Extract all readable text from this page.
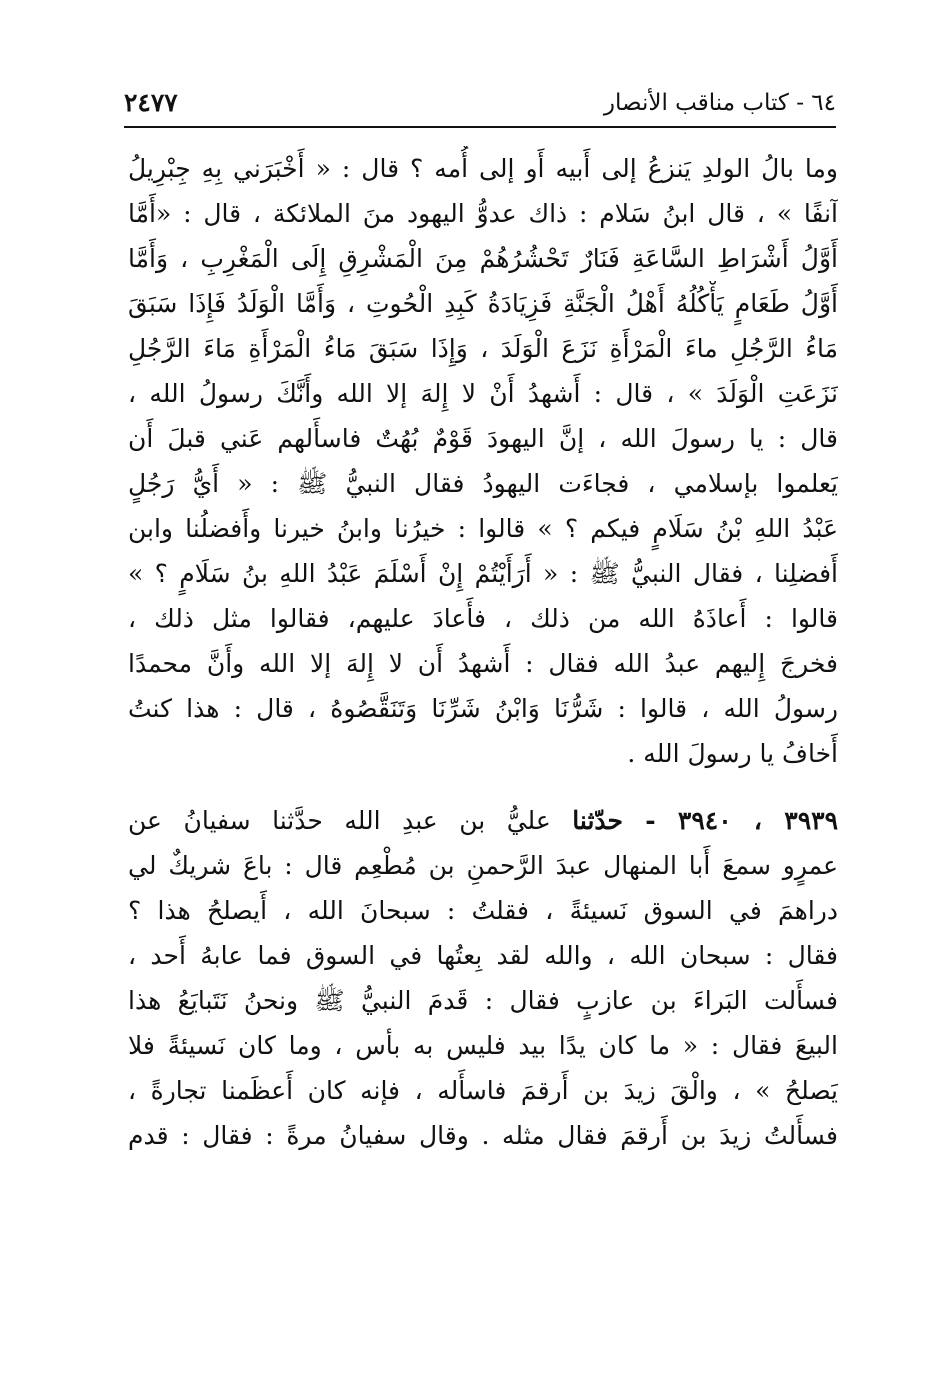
٢٤٧٧	٦٤ - كتاب مناقب الأنصار
وما بالُ الولدِ يَنزعُ إلى أَبيه أَو إلى أُمه ؟ قال : « أَخْبَرَني بِهِ جِبْرِيلُ
آنفًا » ، قال ابنُ سَلام : ذاك عدوُّ اليهود منَ الملائكة ، قال : «أَمَّا
أَوَّلُ أَشْرَاطِ السَّاعَةِ فَنَارٌ تَحْشُرُهُمْ مِنَ الْمَشْرِقِ إِلَى الْمَغْرِبِ ، وَأَمَّا
أَوَّلُ طَعَامٍ يَأْكُلُهُ أَهْلُ الْجَنَّةِ فَزِيَادَةُ كَبِدِ الْحُوتِ ، وَأَمَّا الْوَلَدُ فَإِذَا سَبَقَ
مَاءُ الرَّجُلِ ماءَ الْمَرْأَةِ نَزَعَ الْوَلَدَ ، وَإِذَا سَبَقَ مَاءُ الْمَرْأَةِ مَاءَ الرَّجُلِ
نَزَعَتِ الْوَلَدَ » ، قال : أَشهدُ أَنْ لا إِلهَ إلا الله وأَنَّكَ رسولُ الله ،
قال : يا رسولَ الله ، إنَّ اليهودَ قَوْمٌ بُهُتٌ فاسأَلهم عَني قبلَ أَن
يَعلموا بإسلامي ، فجاءَت اليهودُ فقال النبيُّ ﷺ : « أَيُّ رَجُلٍ
عَبْدُ اللهِ بْنُ سَلَامٍ فيكم ؟ » قالوا : خيرُنا وابنُ خيرنا وأَفضلُنا وابن
أَفضلِنا ، فقال النبيُّ ﷺ : « أَرَأَيْتُمْ إِنْ أَسْلَمَ عَبْدُ اللهِ بنُ سَلَامٍ ؟ »
قالوا : أَعاذَهُ الله من ذلك ، فأَعادَ عليهم، فقالوا مثل ذلك ،
فخرجَ إِليهم عبدُ الله فقال : أَشهدُ أَن لا إِلهَ إلا الله وأَنَّ محمدًا
رسولُ الله ، قالوا : شَرُّنَا وَابْنُ شَرِّنَا وَتَنَقَّصُوهُ ، قال : هذا كنتُ
أَخافُ يا رسولَ الله .
٣٩٣٩ ، ٣٩٤٠ - حدّثنا عليُّ بن عبدِ الله حدَّثنا سفيانُ عن
عمرٍو سمعَ أَبا المنهال عبدَ الرَّحمنِ بن مُطْعِم قال : باعَ شريكٌ لي
دراهمَ في السوق نَسيئةً ، فقلتُ : سبحانَ الله ، أَيصلحُ هذا ؟
فقال : سبحان الله ، والله لقد بِعتُها في السوق فما عابهُ أَحد ،
فسأَلت البَراءَ بن عازبٍ فقال : قَدمَ النبيُّ ﷺ ونحنُ نَتَبايَعُ هذا
البيعَ فقال : « ما كان يدًا بيد فليس به بأس ، وما كان نَسيئةً فلا
يَصلحُ » ، والْقَ زيدَ بن أَرقمَ فاسأَله ، فإنه كان أَعظَمنا تجارةً ،
فسأَلتُ زيدَ بن أَرقمَ فقال مثله . وقال سفيانُ مرةً : فقال : قدم
